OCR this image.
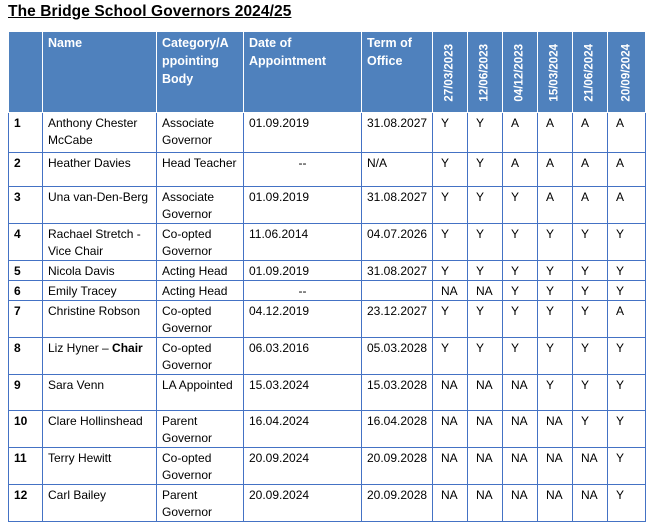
The Bridge School Governors 2024/25
	Name	Category/A ppointing Body	Date of Appointment	Term of Office	27/03/2023	12/06/2023	04/12/2023	15/03/2024	21/06/2024	20/09/2024

1	Anthony Chester McCabe	Associate Governor	01.09.2019	31.08.2027	Y	Y	A	A	A	A
2	Heather Davies	Head Teacher	--	N/A	Y	Y	A	A	A	A
3	Una van-Den-Berg	Associate Governor	01.09.2019	31.08.2027	Y	Y	Y	A	A	A
4	Rachael Stretch - Vice Chair	Co-opted Governor	11.06.2014	04.07.2026	Y	Y	Y	Y	Y	Y
5	Nicola Davis	Acting Head	01.09.2019	31.08.2027	Y	Y	Y	Y	Y	Y
6	Emily Tracey	Acting Head	--		NA	NA	Y	Y	Y	Y
7	Christine Robson	Co-opted Governor	04.12.2019	23.12.2027	Y	Y	Y	Y	Y	A
8	Liz Hyner – Chair	Co-opted Governor	06.03.2016	05.03.2028	Y	Y	Y	Y	Y	Y
9	Sara Venn	LA Appointed	15.03.2024	15.03.2028	NA	NA	NA	Y	Y	Y
10	Clare Hollinshead	Parent Governor	16.04.2024	16.04.2028	NA	NA	NA	NA	Y	Y
11	Terry Hewitt	Co-opted Governor	20.09.2024	20.09.2028	NA	NA	NA	NA	NA	Y
12	Carl Bailey	Parent Governor	20.09.2024	20.09.2028	NA	NA	NA	NA	NA	Y
